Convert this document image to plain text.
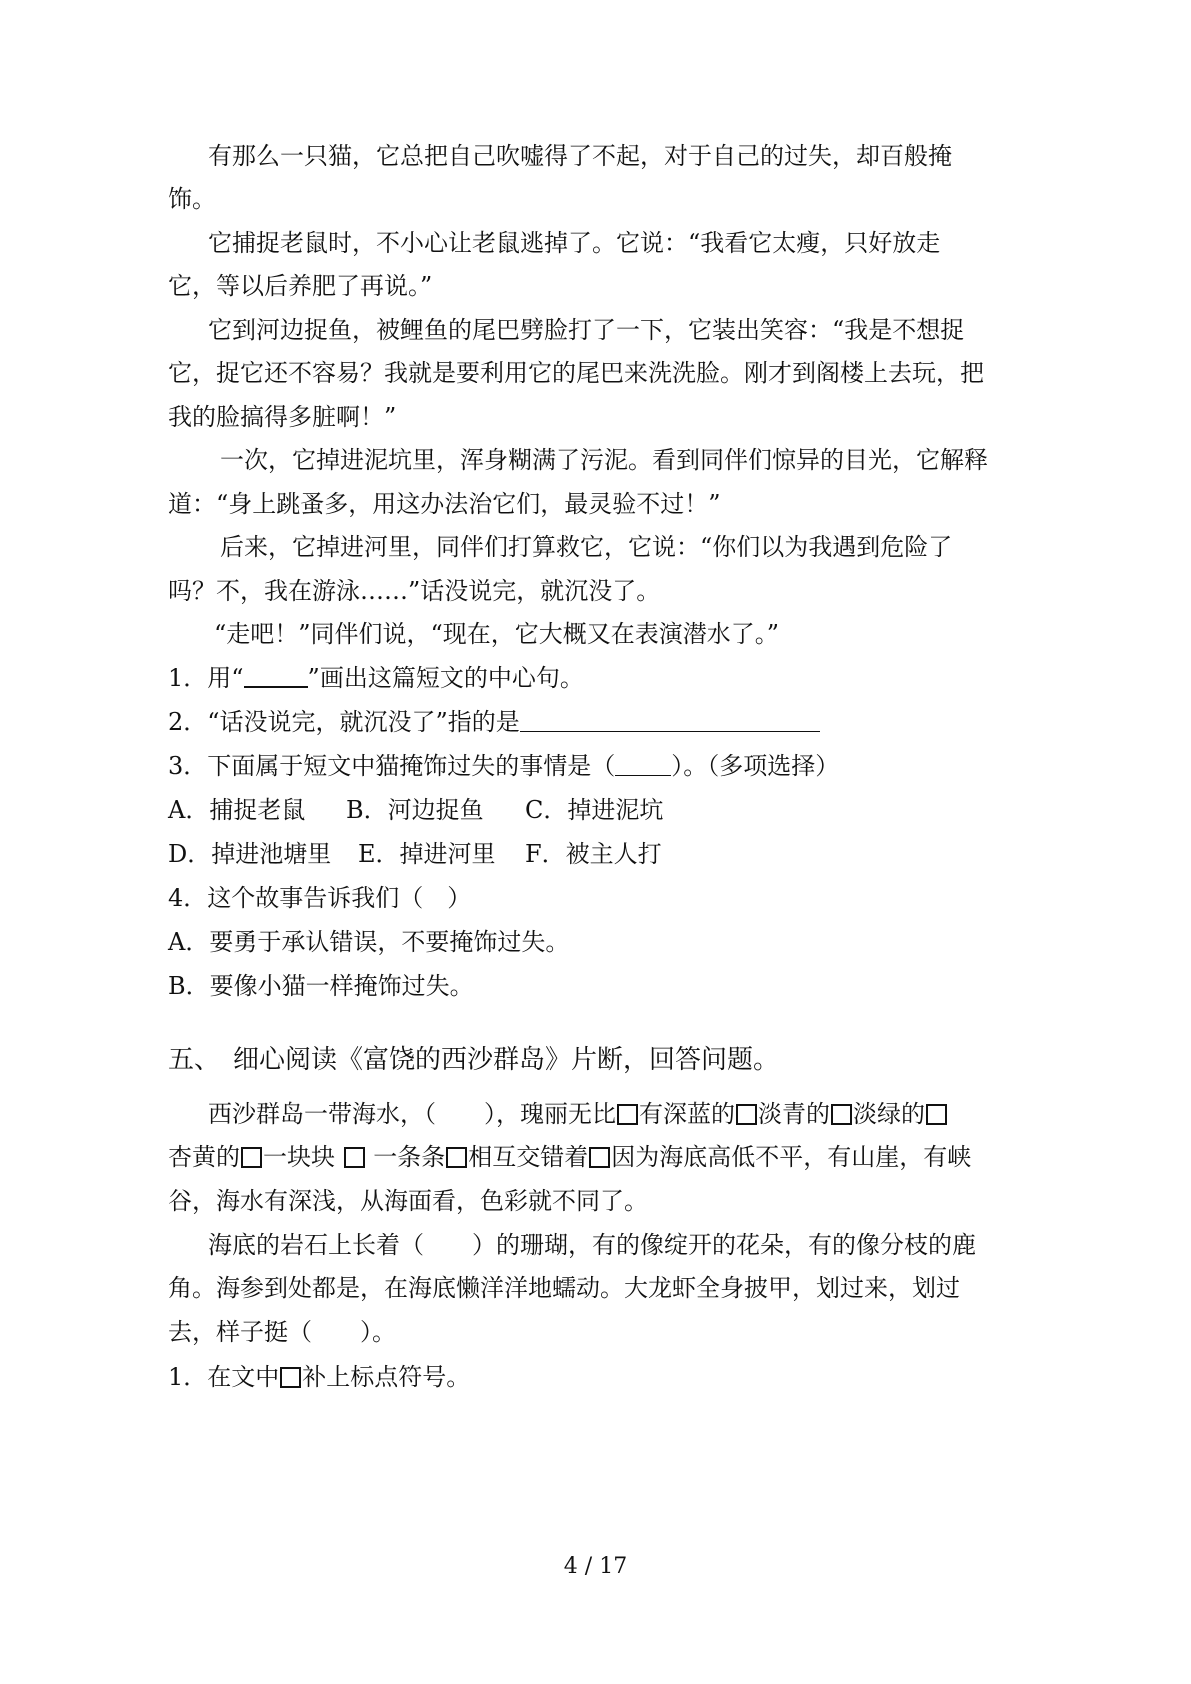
有那么一只猫，它总把自己吹嘘得了不起，对于自己的过失，却百般掩
饰。
它捕捉老鼠时，不小心让老鼠逃掉了。它说：“我看它太瘦，只好放走
它，等以后养肥了再说。”
它到河边捉鱼，被鲤鱼的尾巴劈脸打了一下，它装出笑容：“我是不想捉
它，捉它还不容易？我就是要利用它的尾巴来洗洗脸。刚才到阁楼上去玩，把
我的脸搞得多脏啊！”
一次，它掉进泥坑里，浑身糊满了污泥。看到同伴们惊异的目光，它解释
道：“身上跳蚤多，用这办法治它们，最灵验不过！”
后来，它掉进河里，同伴们打算救它，它说：“你们以为我遇到危险了
吗？不，我在游泳……”话没说完，就沉没了。
“走吧！”同伴们说，“现在，它大概又在表演潜水了。”
1．用“	”画出这篇短文的中心句。
2．“话没说完，就沉没了”指的是
3．下面属于短文中猫掩饰过失的事情是（ ）。（多项选择）
A．捕捉老鼠 B．河边捉鱼 C．掉进泥坑
D．掉进池塘里 E．掉进河里 F．被主人打
4．这个故事告诉我们（　）
A．要勇于承认错误，不要掩饰过失。
B．要像小猫一样掩饰过失。
五、　细心阅读《富饶的西沙群岛》片断，回答问题。
西沙群岛一带海水，（　　），瑰丽无比 有深蓝的 淡青的 淡绿的
杏黄的 一块块  一条条 相互交错着 因为海底高低不平，有山崖，有峡
谷，海水有深浅，从海面看，色彩就不同了。
海底的岩石上长着（　　）的珊瑚，有的像绽开的花朵，有的像分枝的鹿
角。海参到处都是，在海底懒洋洋地蠕动。大龙虾全身披甲，划过来，划过
去，样子挺（　　）。
1．在文中 补上标点符号。
4 / 17
